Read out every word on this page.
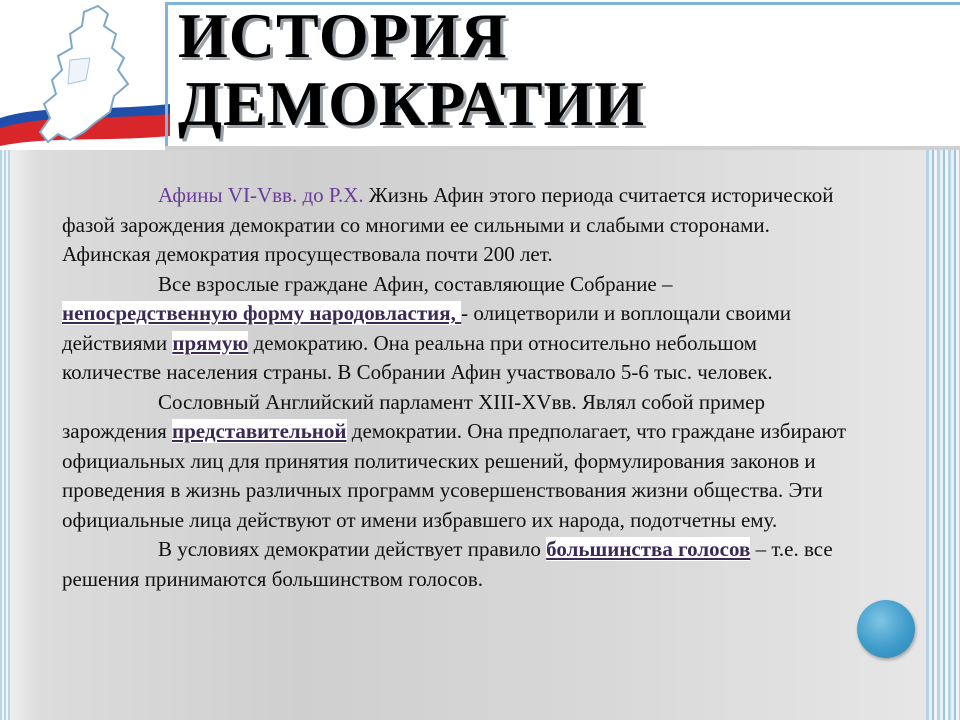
ИСТОРИЯ
ДЕМОКРАТИИ

Афины VI-Vвв. до Р.Х. Жизнь Афин этого периода считается исторической фазой зарождения демократии со многими ее сильными и слабыми сторонами. Афинская демократия просуществовала почти 200 лет.

Все взрослые граждане Афин, составляющие Собрание – непосредственную форму народовластия, - олицетворили и воплощали своими действиями прямую демократию. Она реальна при относительно небольшом количестве населения страны. В Собрании Афин участвовало 5-6 тыс. человек.

Сословный Английский парламент XIII-XVвв. Являл собой пример зарождения представительной демократии. Она предполагает, что граждане избирают официальных лиц для принятия политических решений, формулирования законов и проведения в жизнь различных программ усовершенствования жизни общества. Эти официальные лица действуют от имени избравшего их народа, подотчетны ему.

В условиях демократии действует правило большинства голосов – т.е. все решения принимаются большинством голосов.
